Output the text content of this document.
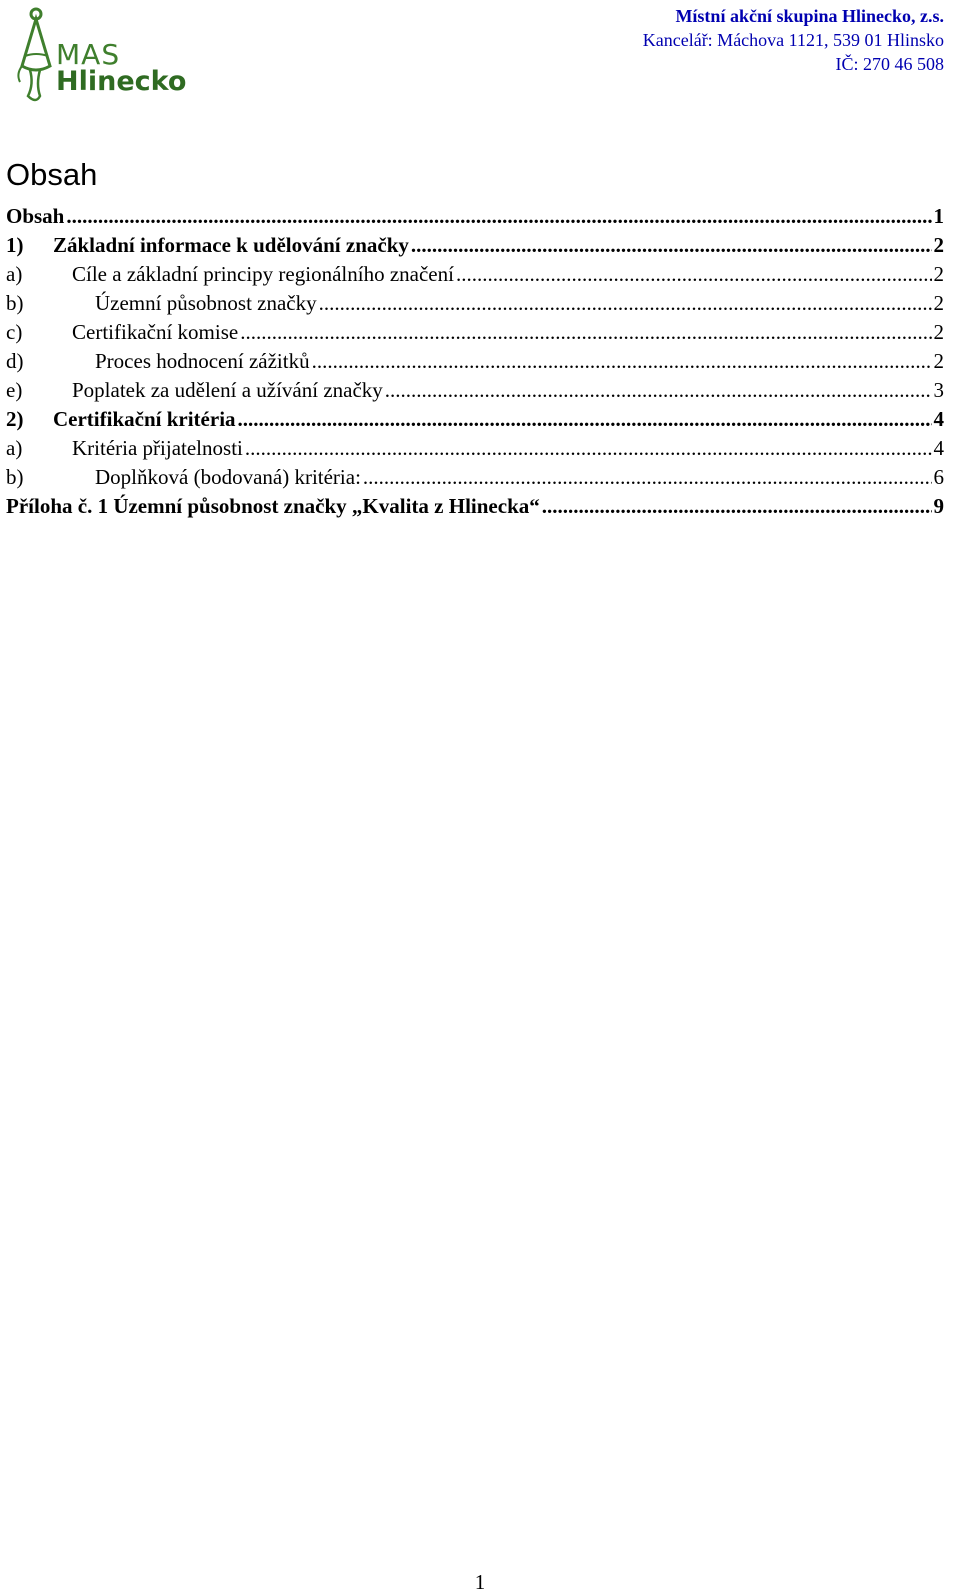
MAS
Hlinecko
Místní akční skupina Hlinecko, z.s.
Kancelář: Máchova 1121, 539 01 Hlinsko
IČ: 270 46 508
Obsah
Obsah .....	1
1)	Základní informace k udělování značky .....	2
a)	Cíle a základní principy regionálního značení .....	2
b)	Územní působnost značky .....	2
c)	Certifikační komise .....	2
d)	Proces hodnocení zážitků .....	2
e)	Poplatek za udělení a užívání značky .....	3
2)	Certifikační kritéria .....	4
a)	Kritéria přijatelnosti .....	4
b)	Doplňková (bodovaná) kritéria: .....	6
Příloha č. 1 Územní působnost značky „Kvalita z Hlinecka“ .....	9
1
